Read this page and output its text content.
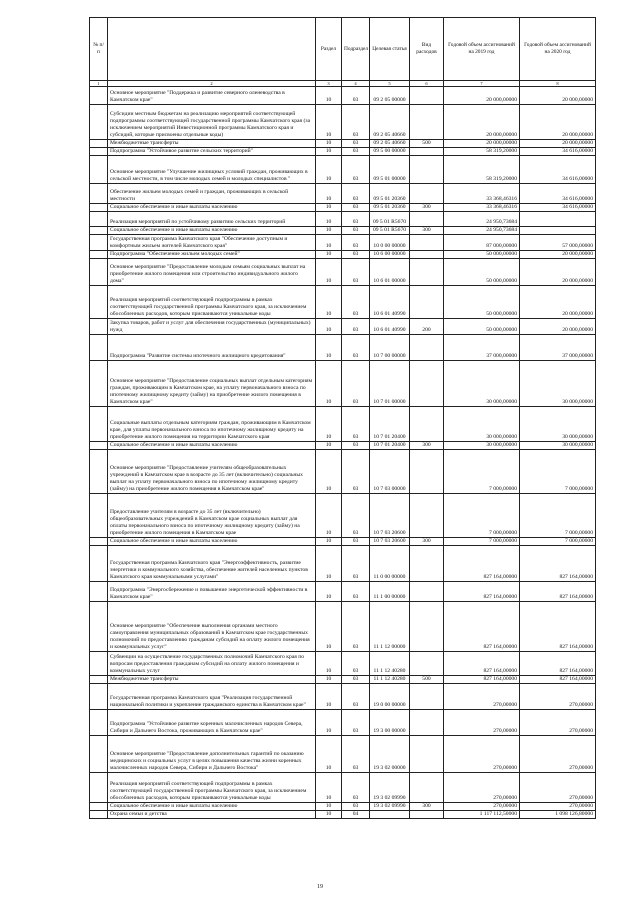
№ п/п		Раздел	Подраздел	Целевая статья	Вид расходов	Годовой объем ассигнований на 2019 год	Годовой объем ассигнований на 2020 год
1	2	3	4	5	6	7	8
	Основное мероприятие "Поддержка и развитие северного оленеводства в Камчатском крае"	10	03	09 2 05 00000		20 000,00000	20 000,00000
	Субсидии местным бюджетам на реализацию мероприятий соответствующей подпрограммы соответствующей государственной программы Камчатского края (за исключением мероприятий Инвестиционной программы Камчатского края и субсидий, которые присвоены отдельные коды)	10	03	09 2 05 40660		20 000,00000	20 000,00000
	Межбюджетные трансферты	10	03	09 2 05 40660	500	20 000,00000	20 000,00000
	Подпрограмма "Устойчивое развитие сельских территорий"	10	03	09 5 00 00000		58 319,20000	34 616,00000
	Основное мероприятие "Улучшение жилищных условий граждан, проживающих в сельской местности, в том числе молодых семей и молодых специалистов "	10	03	09 5 01 00000		58 319,20000	34 616,00000
	Обеспечение жильем молодых семей и граждан, проживающих в сельской местности	10	03	09 5 01 20360		33 368,46316	34 616,00000
	Социальное обеспечение и иные выплаты населению	10	03	09 5 01 20360	300	33 368,46316	34 616,00000
	Реализация мероприятий по устойчивому развитию сельских территорий	10	03	09 5 01 R5670		24 950,73684	
	Социальное обеспечение и иные выплаты населению	10	03	09 5 01 R5670	300	24 950,73684	
	Государственная программа Камчатского края "Обеспечение доступным и комфортным жильем жителей Камчатского края"	10	03	10 0 00 00000		87 000,00000	57 000,00000
	Подпрограмма "Обеспечение жильем молодых семей"	10	03	10 6 00 00000		50 000,00000	20 000,00000
	Основное мероприятие "Предоставление молодым семьям социальных выплат на приобретение жилого помещения или строительство индивидуального жилого дома"	10	03	10 6 01 00000		50 000,00000	20 000,00000
	Реализация мероприятий соответствующей подпрограммы в рамках соответствующей государственной программы Камчатского края, за исключением обособленных расходов, которым присваиваются уникальные коды	10	03	10 6 01 40990		50 000,00000	20 000,00000
	Закупка товаров, работ и услуг для обеспечения государственных (муниципальных) нужд	10	03	10 6 01 40990	200	50 000,00000	20 000,00000
	Подпрограмма "Развитие системы ипотечного жилищного кредитования"	10	03	10 7 00 00000		37 000,00000	37 000,00000
	Основное мероприятие "Предоставление социальных выплат отдельным категориям граждан, проживающим в Камчатском крае, на уплату первоначального взноса по ипотечному жилищному кредиту (займу) на приобретение жилого помещения в Камчатском крае"	10	03	10 7 01 00000		30 000,00000	30 000,00000
	Социальные выплаты отдельным категориям граждан, проживающим в Камчатском крае, для уплаты первоначального взноса по ипотечному жилищному кредиту на приобретение жилого помещения на территории Камчатского края	10	03	10 7 01 20400		30 000,00000	30 000,00000
	Социальное обеспечение и иные выплаты населению	10	03	10 7 01 20400	300	30 000,00000	30 000,00000
	Основное мероприятие "Предоставление учителям общеобразовательных учреждений в Камчатском крае в возрасте до 35 лет (включительно) социальных выплат на уплату первоначального взноса по ипотечному жилищному кредиту (займу) на приобретение жилого помещения в Камчатском крае"	10	03	10 7 03 00000		7 000,00000	7 000,00000
	Предоставление учителям в возрасте до 35 лет (включительно) общеобразовательных учреждений в Камчатском крае социальных выплат для оплаты первоначального взноса по ипотечному жилищному кредиту (займу) на приобретение жилого помещения в Камчатском крае	10	03	10 7 03 20600		7 000,00000	7 000,00000
	Социальное обеспечение и иные выплаты населению	10	03	10 7 03 20600	300	7 000,00000	7 000,00000
	Государственная программа Камчатского края "Энергоэффективность, развитие энергетики и коммунального хозяйства, обеспечение жителей населенных пунктов Камчатского края коммунальными услугами"	10	03	11 0 00 00000		827 164,00000	827 164,00000
	Подпрограмма "Энергосбережение и повышение энергетической эффективности в Камчатском крае"	10	03	11 1 00 00000		827 164,00000	827 164,00000
	Основное мероприятие "Обеспечение выполнения органами местного самоуправления муниципальных образований в Камчатском крае государственных полномочий по предоставлению гражданам субсидий на оплату жилого помещения и коммунальных услуг"	10	03	11 1 12 00000		827 164,00000	827 164,00000
	Субвенции на осуществление государственных полномочий Камчатского края по вопросам предоставления гражданам субсидий на оплату жилого помещения и коммунальных услуг	10	03	11 1 12 40280		827 164,00000	827 164,00000
	Межбюджетные трансферты	10	03	11 1 12 40280	500	827 164,00000	827 164,00000
	Государственная программа Камчатского края "Реализация государственной национальной политики и укрепление гражданского единства в Камчатском крае"	10	03	19 0 00 00000		270,00000	270,00000
	Подпрограмма "Устойчивое развитие коренных малочисленных народов Севера, Сибири и Дальнего Востока, проживающих в Камчатском крае"	10	03	19 3 00 00000		270,00000	270,00000
	Основное мероприятие "Предоставление дополнительных гарантий по оказанию медицинских и социальных услуг в целях повышения качества жизни коренных малочисленных народов Севера, Сибири и Дальнего Востока"	10	03	19 3 02 00000		270,00000	270,00000
	Реализация мероприятий соответствующей подпрограммы в рамках соответствующей государственной программы Камчатского края, за исключением обособленных расходов, которым присваиваются уникальные коды	10	03	19 3 02 09990		270,00000	270,00000
	Социальное обеспечение и иные выплаты населению	10	03	19 3 02 09990	300	270,00000	270,00000
	Охрана семьи и детства	10	04			1 117 112,50000	1 098 126,80000
19
